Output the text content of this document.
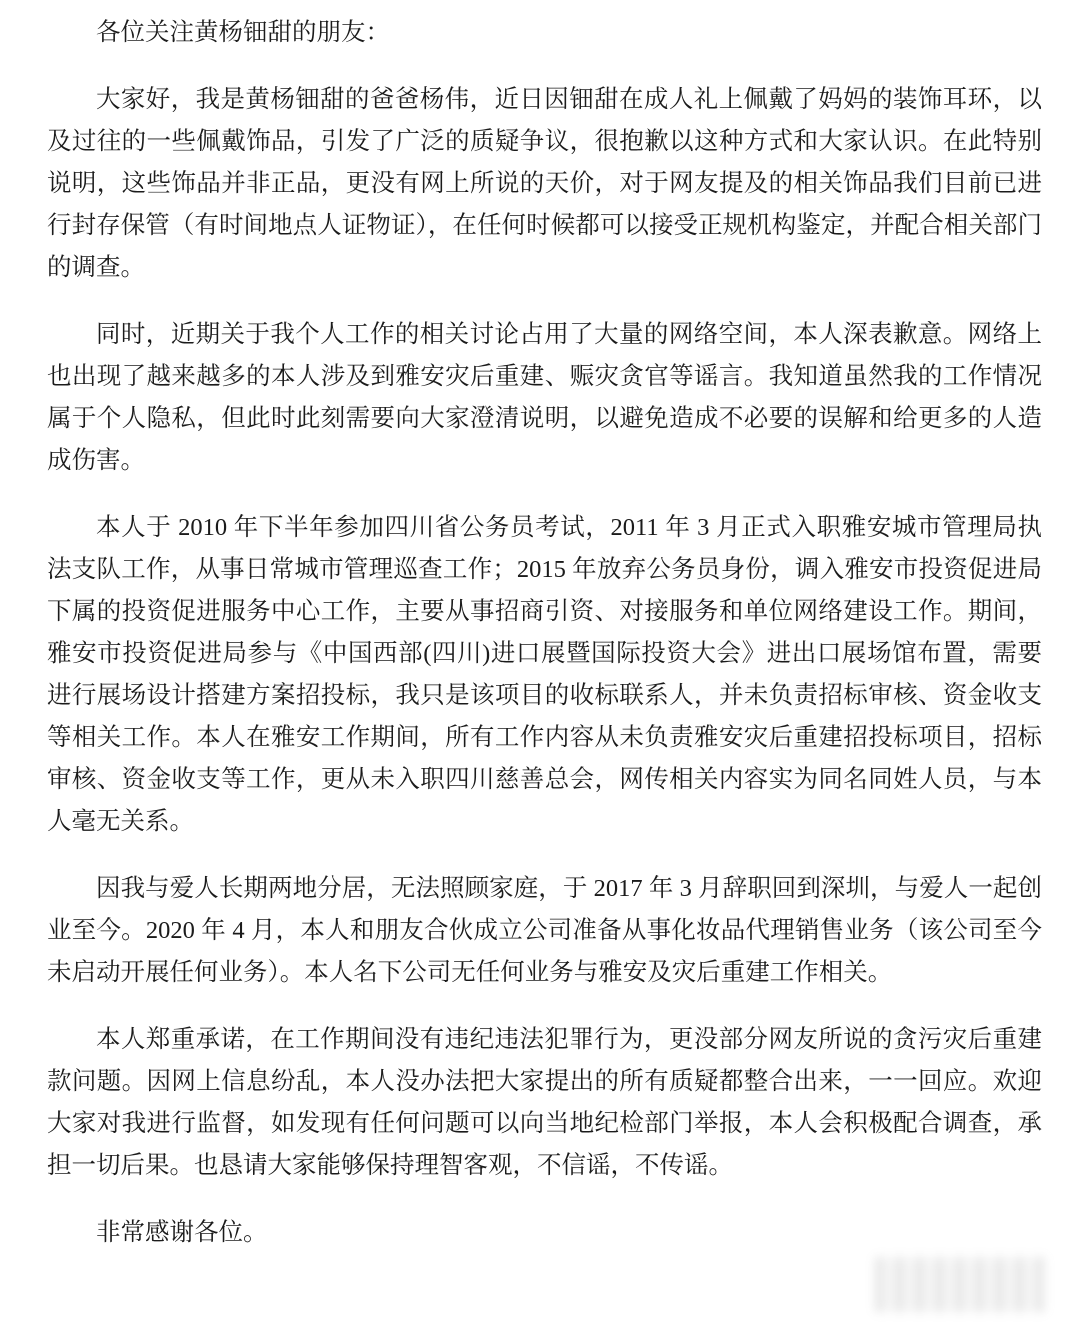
各位关注黄杨钿甜的朋友：

大家好，我是黄杨钿甜的爸爸杨伟，近日因钿甜在成人礼上佩戴了妈妈的装饰耳环，以及过往的一些佩戴饰品，引发了广泛的质疑争议，很抱歉以这种方式和大家认识。在此特别说明，这些饰品并非正品，更没有网上所说的天价，对于网友提及的相关饰品我们目前已进行封存保管（有时间地点人证物证），在任何时候都可以接受正规机构鉴定，并配合相关部门的调查。

同时，近期关于我个人工作的相关讨论占用了大量的网络空间，本人深表歉意。网络上也出现了越来越多的本人涉及到雅安灾后重建、赈灾贪官等谣言。我知道虽然我的工作情况属于个人隐私，但此时此刻需要向大家澄清说明，以避免造成不必要的误解和给更多的人造成伤害。

本人于 2010 年下半年参加四川省公务员考试，2011 年 3 月正式入职雅安城市管理局执法支队工作，从事日常城市管理巡查工作；2015 年放弃公务员身份，调入雅安市投资促进局下属的投资促进服务中心工作，主要从事招商引资、对接服务和单位网络建设工作。期间，雅安市投资促进局参与《中国西部(四川)进口展暨国际投资大会》进出口展场馆布置，需要进行展场设计搭建方案招投标，我只是该项目的收标联系人，并未负责招标审核、资金收支等相关工作。本人在雅安工作期间，所有工作内容从未负责雅安灾后重建招投标项目，招标审核、资金收支等工作，更从未入职四川慈善总会，网传相关内容实为同名同姓人员，与本人毫无关系。

因我与爱人长期两地分居，无法照顾家庭，于 2017 年 3 月辞职回到深圳，与爱人一起创业至今。2020 年 4 月，本人和朋友合伙成立公司准备从事化妆品代理销售业务（该公司至今未启动开展任何业务）。本人名下公司无任何业务与雅安及灾后重建工作相关。

本人郑重承诺，在工作期间没有违纪违法犯罪行为，更没部分网友所说的贪污灾后重建款问题。因网上信息纷乱，本人没办法把大家提出的所有质疑都整合出来，一一回应。欢迎大家对我进行监督，如发现有任何问题可以向当地纪检部门举报，本人会积极配合调查，承担一切后果。也恳请大家能够保持理智客观，不信谣，不传谣。

非常感谢各位。
